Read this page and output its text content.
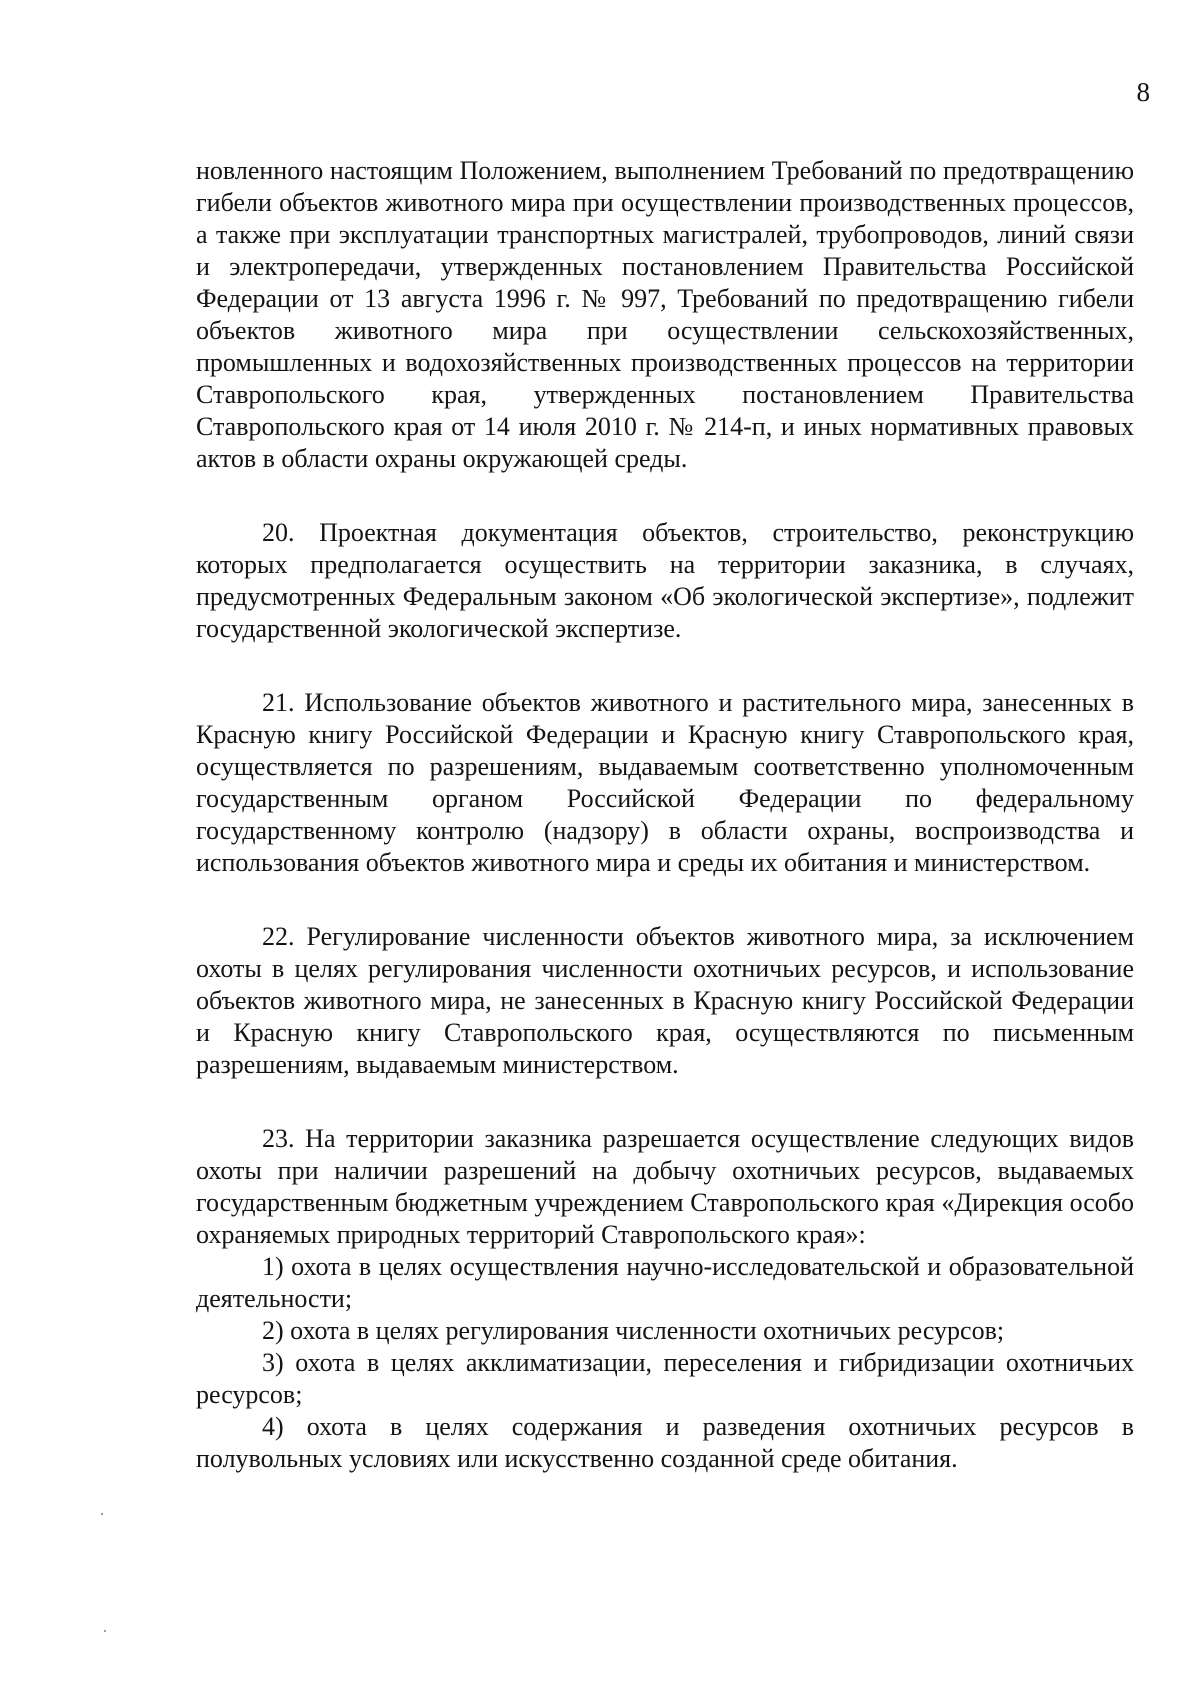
8

новленного настоящим Положением, выполнением Требований по предотвращению гибели объектов животного мира при осуществлении производственных процессов, а также при эксплуатации транспортных магистралей, трубопроводов, линий связи и электропередачи, утвержденных постановлением Правительства Российской Федерации от 13 августа 1996 г. № 997, Требований по предотвращению гибели объектов животного мира при осуществлении сельскохозяйственных, промышленных и водохозяйственных производственных процессов на территории Ставропольского края, утвержденных постановлением Правительства Ставропольского края от 14 июля 2010 г. № 214-п, и иных нормативных правовых актов в области охраны окружающей среды.

20. Проектная документация объектов, строительство, реконструкцию которых предполагается осуществить на территории заказника, в случаях, предусмотренных Федеральным законом «Об экологической экспертизе», подлежит государственной экологической экспертизе.

21. Использование объектов животного и растительного мира, занесенных в Красную книгу Российской Федерации и Красную книгу Ставропольского края, осуществляется по разрешениям, выдаваемым соответственно уполномоченным государственным органом Российской Федерации по федеральному государственному контролю (надзору) в области охраны, воспроизводства и использования объектов животного мира и среды их обитания и министерством.

22. Регулирование численности объектов животного мира, за исключением охоты в целях регулирования численности охотничьих ресурсов, и использование объектов животного мира, не занесенных в Красную книгу Российской Федерации и Красную книгу Ставропольского края, осуществляются по письменным разрешениям, выдаваемым министерством.

23. На территории заказника разрешается осуществление следующих видов охоты при наличии разрешений на добычу охотничьих ресурсов, выдаваемых государственным бюджетным учреждением Ставропольского края «Дирекция особо охраняемых природных территорий Ставропольского края»:

1) охота в целях осуществления научно-исследовательской и образовательной деятельности;

2) охота в целях регулирования численности охотничьих ресурсов;

3) охота в целях акклиматизации, переселения и гибридизации охотничьих ресурсов;

4) охота в целях содержания и разведения охотничьих ресурсов в полувольных условиях или искусственно созданной среде обитания.
